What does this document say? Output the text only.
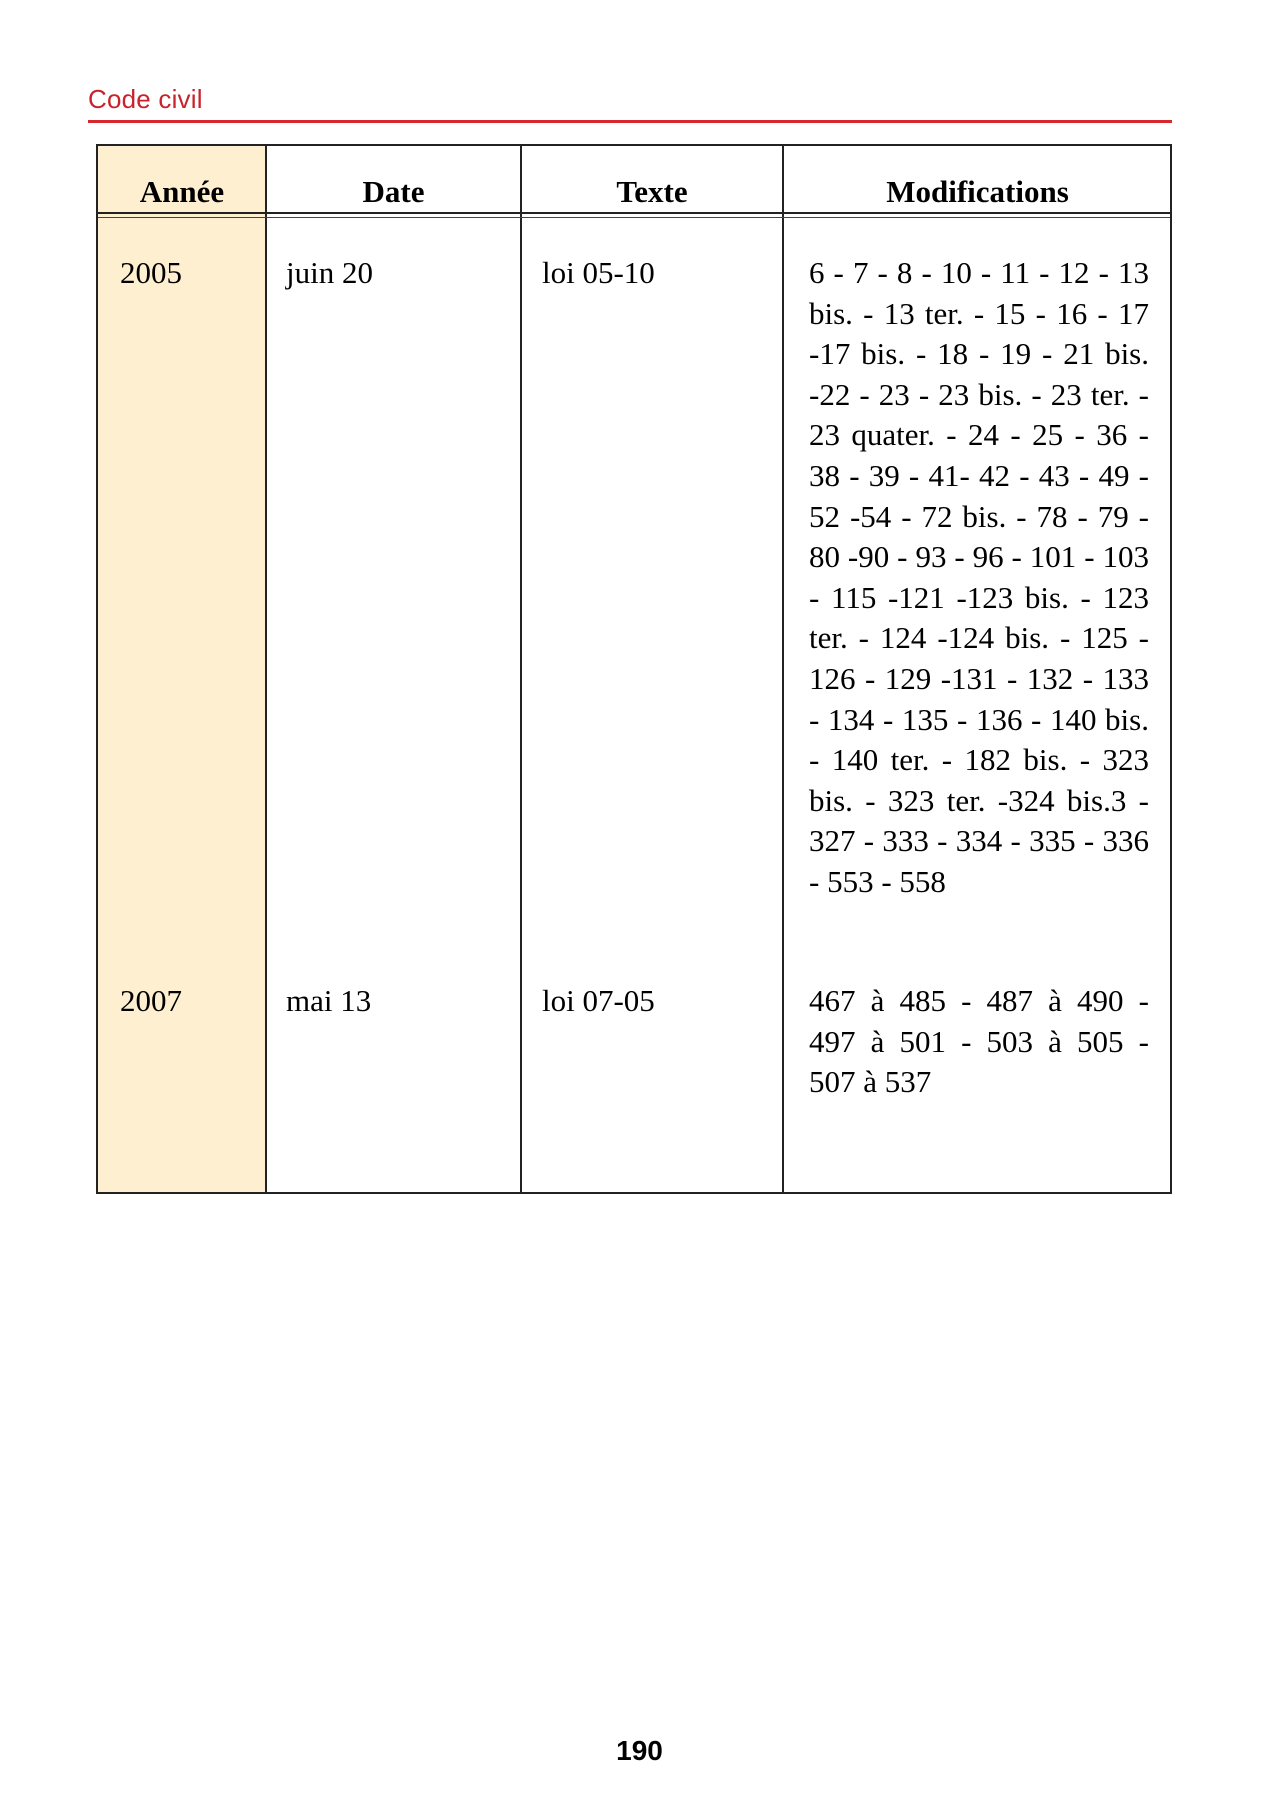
Code civil
Année	Date	Texte	Modifications
2005	juin 20	loi 05-10	6 - 7 - 8 - 10 - 11 - 12 - 13 bis. - 13 ter. - 15 - 16 - 17 -17 bis. - 18 - 19 - 21 bis. -22 - 23 - 23 bis. - 23 ter. - 23 quater. - 24 - 25 - 36 - 38 - 39 - 41- 42 - 43 - 49 - 52 -54 - 72 bis. - 78 - 79 - 80 -90 - 93 - 96 - 101 - 103 - 115 -121 -123 bis. - 123 ter. - 124 -124 bis. - 125 - 126 - 129 -131 - 132 - 133 - 134 - 135 - 136 - 140 bis. - 140 ter. - 182 bis. - 323 bis. - 323 ter. -324 bis.3 - 327 - 333 - 334 - 335 - 336 - 553 - 558
2007	mai 13	loi 07-05	467 à 485 - 487 à 490 - 497 à 501 - 503 à 505 - 507 à 537
190
